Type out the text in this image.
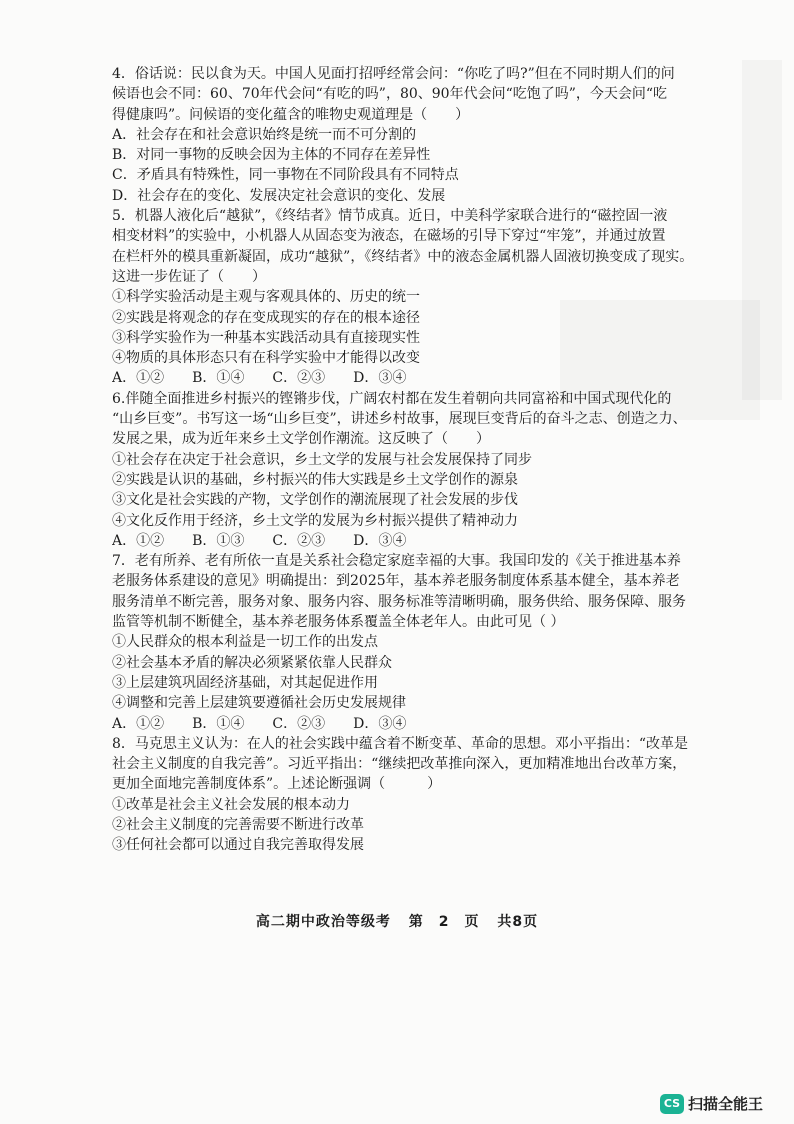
4．俗话说：民以食为天。中国人见面打招呼经常会问：“你吃了吗?”但在不同时期人们的问
候语也会不同：60、70年代会问“有吃的吗”，80、90年代会问“吃饱了吗”，今天会问“吃
得健康吗”。问候语的变化蕴含的唯物史观道理是（　　）
A．社会存在和社会意识始终是统一而不可分割的
B．对同一事物的反映会因为主体的不同存在差异性
C．矛盾具有特殊性，同一事物在不同阶段具有不同特点
D．社会存在的变化、发展决定社会意识的变化、发展
5．机器人液化后“越狱”，《终结者》情节成真。近日，中美科学家联合进行的“磁控固一液
相变材料”的实验中，小机器人从固态变为液态，在磁场的引导下穿过“牢笼”，并通过放置
在栏杆外的模具重新凝固，成功“越狱”，《终结者》中的液态金属机器人固液切换变成了现实。
这进一步佐证了（　　）
①科学实验活动是主观与客观具体的、历史的统一
②实践是将观念的存在变成现实的存在的根本途径
③科学实验作为一种基本实践活动具有直接现实性
④物质的具体形态只有在科学实验中才能得以改变
A．①②　　B．①④　　C．②③　　D．③④
6.伴随全面推进乡村振兴的铿锵步伐，广阔农村都在发生着朝向共同富裕和中国式现代化的
“山乡巨变”。书写这一场“山乡巨变”，讲述乡村故事，展现巨变背后的奋斗之志、创造之力、
发展之果，成为近年来乡土文学创作潮流。这反映了（　　）
①社会存在决定于社会意识，乡土文学的发展与社会发展保持了同步
②实践是认识的基础，乡村振兴的伟大实践是乡土文学创作的源泉
③文化是社会实践的产物，文学创作的潮流展现了社会发展的步伐
④文化反作用于经济，乡土文学的发展为乡村振兴提供了精神动力
A．①②　　B．①③　　C．②③　　D．③④
7．老有所养、老有所依一直是关系社会稳定家庭幸福的大事。我国印发的《关于推进基本养
老服务体系建设的意见》明确提出：到2025年，基本养老服务制度体系基本健全，基本养老
服务清单不断完善，服务对象、服务内容、服务标准等清晰明确，服务供给、服务保障、服务
监管等机制不断健全，基本养老服务体系覆盖全体老年人。由此可见（ ）
①人民群众的根本利益是一切工作的出发点
②社会基本矛盾的解决必须紧紧依靠人民群众
③上层建筑巩固经济基础，对其起促进作用
④调整和完善上层建筑要遵循社会历史发展规律
A．①②　　B．①④　　C．②③　　D．③④
8．马克思主义认为：在人的社会实践中蕴含着不断变革、革命的思想。邓小平指出：“改革是
社会主义制度的自我完善”。习近平指出：“继续把改革推向深入，更加精准地出台改革方案，
更加全面地完善制度体系”。上述论断强调（　　　）
①改革是社会主义社会发展的根本动力
②社会主义制度的完善需要不断进行改革
③任何社会都可以通过自我完善取得发展
高二期中政治等级考 第　2　页 共8页
CS 扫描全能王
